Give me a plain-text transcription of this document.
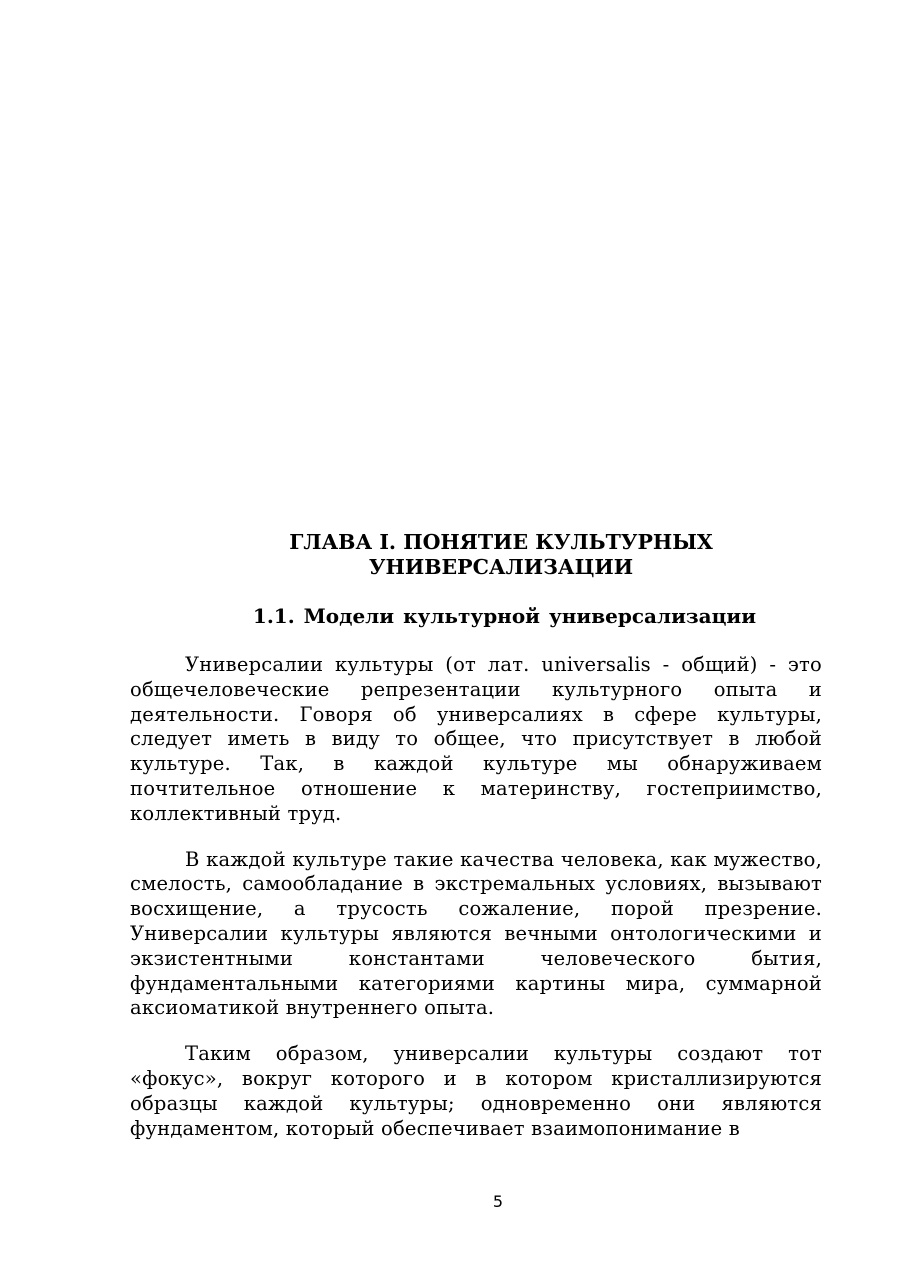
ГЛАВА I. ПОНЯТИЕ КУЛЬТУРНЫХ
УНИВЕРСАЛИЗАЦИИ
1.1. Модели культурной универсализации

Универсалии культуры (от лат. universalis - общий) - это общечеловеческие репрезентации культурного опыта и деятельности. Говоря об универсалиях в сфере культуры, следует иметь в виду то общее, что присутствует в любой культуре. Так, в каждой культуре мы обнаруживаем почтительное отношение к материнству, гостеприимство, коллективный труд.

В каждой культуре такие качества человека, как мужество, смелость, самообладание в экстремальных условиях, вызывают восхищение, а трусость сожаление, порой презрение. Универсалии культуры являются вечными онтологическими и экзистентными константами человеческого бытия, фундаментальными категориями картины мира, суммарной аксиоматикой внутреннего опыта.

Таким образом, универсалии культуры создают тот «фокус», вокруг которого и в котором кристаллизируются образцы каждой культуры; одновременно они являются фундаментом, который обеспечивает взаимопонимание в

5
